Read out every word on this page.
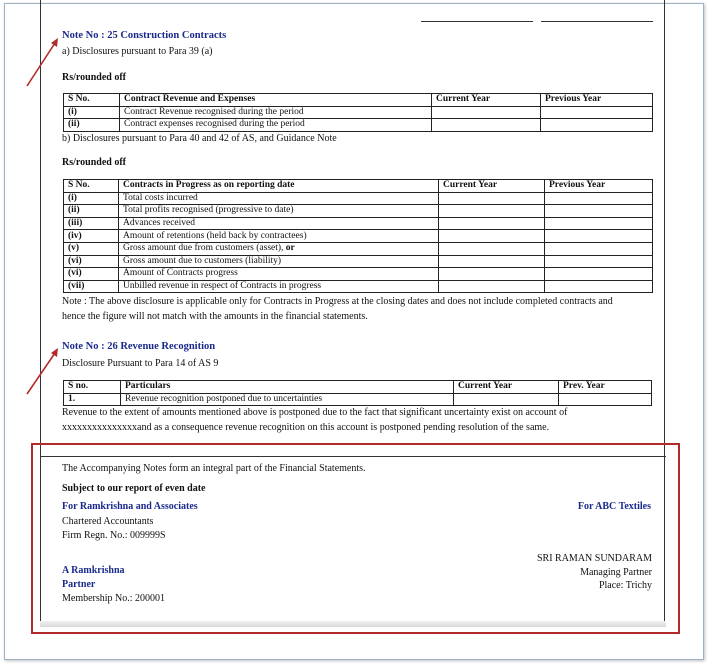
Note No : 25 Construction Contracts
a) Disclosures pursuant to Para 39 (a)
Rs/rounded off
S No.	Contract Revenue and Expenses	Current Year	Previous Year
(i)	Contract Revenue recognised during the period		
(ii)	Contract expenses recognised during the period		
b) Disclosures pursuant to Para 40 and 42 of AS, and Guidance Note
Rs/rounded off
S No.	Contracts in Progress as on reporting date	Current Year	Previous Year
(i)	Total costs incurred		
(ii)	Total profits recognised (progressive to date)		
(iii)	Advances received		
(iv)	Amount of retentions (held back by contractees)		
(v)	Gross amount due from customers (asset), or		
(vi)	Gross amount due to customers (liability)		
(vi)	Amount of Contracts progress		
(vii)	Unbilled revenue in respect of Contracts in progress		
Note : The above disclosure is applicable only for Contracts in Progress at the closing dates and does not include completed contracts and
hence the figure will not match with the amounts in the financial statements.
Note No : 26 Revenue Recognition
Disclosure Pursuant to Para 14 of AS 9
S no.	Particulars	Current Year	Prev. Year
1.	Revenue recognition postponed due to uncertainties		
Revenue to the extent of amounts mentioned above is postponed due to the fact that significant uncertainty exist on account of
xxxxxxxxxxxxxxxand as a consequence revenue recognition on this account is postponed pending resolution of the same.
The Accompanying Notes form an integral part of the Financial Statements.
Subject to our report of even date
For Ramkrishna and Associates
Chartered Accountants
Firm Regn. No.: 009999S
For ABC Textiles
SRI RAMAN SUNDARAM
A Ramkrishna	Managing Partner
Partner	Place: Trichy
Membership No.: 200001
